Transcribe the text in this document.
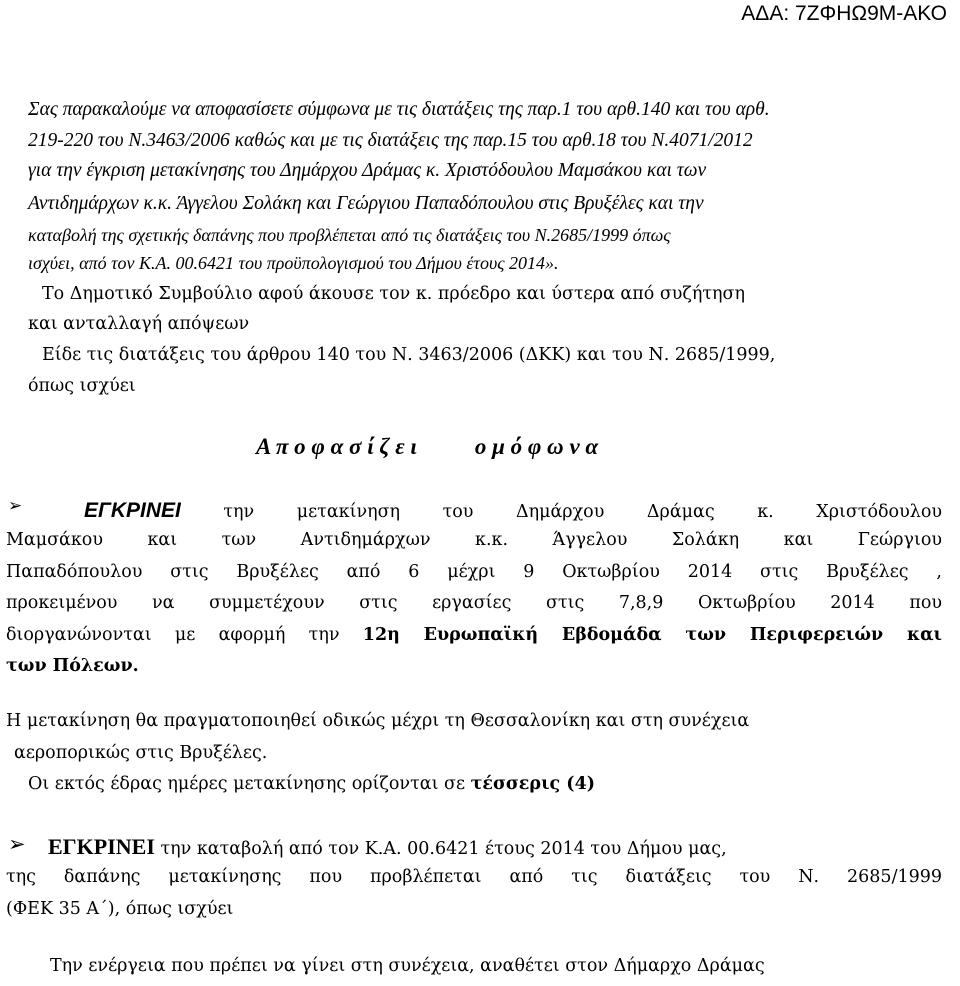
ΑΔΑ: 7ΖΦΗΩ9Μ-ΑΚΟ
Σας παρακαλούμε να αποφασίσετε σύμφωνα με τις διατάξεις της παρ.1 του αρθ.140 και του αρθ.
219-220 του Ν.3463/2006 καθώς και με τις διατάξεις της παρ.15 του αρθ.18 του Ν.4071/2012
για την έγκριση μετακίνησης του Δημάρχου Δράμας κ. Χριστόδουλου Μαμσάκου και των
Αντιδημάρχων κ.κ. Άγγελου Σολάκη και Γεώργιου Παπαδόπουλου στις Βρυξέλες και την
καταβολή της σχετικής δαπάνης που προβλέπεται από τις διατάξεις του Ν.2685/1999 όπως
ισχύει, από τον Κ.Α. 00.6421 του προϋπολογισμού του Δήμου έτους 2014».
Το Δημοτικό Συμβούλιο αφού άκουσε τον κ. πρόεδρο και ύστερα από συζήτηση
και ανταλλαγή απόψεων
Είδε τις διατάξεις του άρθρου 140 του Ν. 3463/2006 (ΔΚΚ) και του Ν. 2685/1999,
όπως ισχύει
Α π ο φ α σ ί ζ ε ι	ο μ ό φ ω ν α
➢	ΕΓΚΡΙΝΕΙ την μετακίνηση του Δημάρχου Δράμας κ. Χριστόδουλου
Μαμσάκου και των Αντιδημάρχων κ.κ. Άγγελου Σολάκη και Γεώργιου
Παπαδόπουλου στις Βρυξέλες από 6 μέχρι 9 Οκτωβρίου 2014 στις Βρυξέλες ,
προκειμένου να συμμετέχουν στις εργασίες στις 7,8,9 Οκτωβρίου 2014 που
διοργανώνονται με αφορμή την 12η Ευρωπαϊκή Εβδομάδα των Περιφερειών και
των Πόλεων.
Η μετακίνηση θα πραγματοποιηθεί οδικώς μέχρι τη Θεσσαλονίκη και στη συνέχεια
αεροπορικώς στις Βρυξέλες.
Οι εκτός έδρας ημέρες μετακίνησης ορίζονται σε τέσσερις (4)
➢ ΕΓΚΡΙΝΕΙ την καταβολή από τον Κ.Α. 00.6421 έτους 2014 του Δήμου μας,
της δαπάνης μετακίνησης που προβλέπεται από τις διατάξεις του Ν. 2685/1999
(ΦΕΚ 35 Α΄), όπως ισχύει
Την ενέργεια που πρέπει να γίνει στη συνέχεια, αναθέτει στον Δήμαρχο Δράμας
